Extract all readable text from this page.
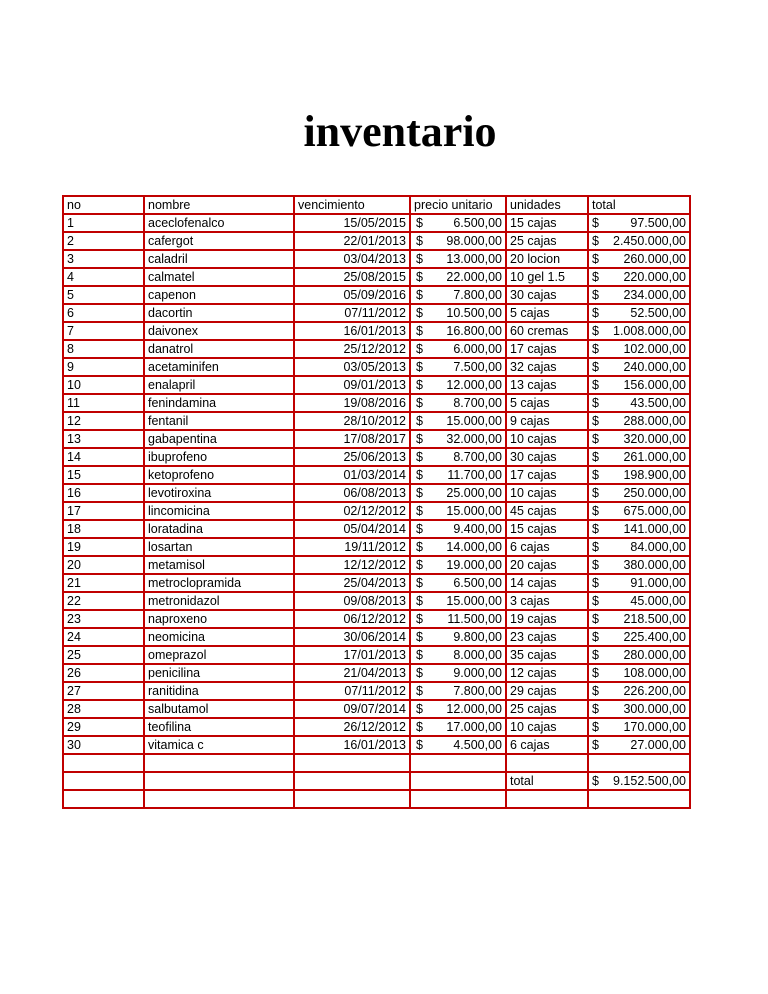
inventario
no	nombre	vencimiento	precio unitario	unidades	total
1	aceclofenalco	15/05/2015	$ 6.500,00	15 cajas	$ 97.500,00

2	cafergot	22/01/2013	$ 98.000,00	25 cajas	$ 2.450.000,00

3	caladril	03/04/2013	$ 13.000,00	20 locion	$ 260.000,00

4	calmatel	25/08/2015	$ 22.000,00	10 gel 1.5	$ 220.000,00

5	capenon	05/09/2016	$ 7.800,00	30 cajas	$ 234.000,00

6	dacortin	07/11/2012	$ 10.500,00	5 cajas	$ 52.500,00

7	daivonex	16/01/2013	$ 16.800,00	60 cremas	$ 1.008.000,00

8	danatrol	25/12/2012	$ 6.000,00	17 cajas	$ 102.000,00

9	acetaminifen	03/05/2013	$ 7.500,00	32 cajas	$ 240.000,00

10	enalapril	09/01/2013	$ 12.000,00	13 cajas	$ 156.000,00

11	fenindamina	19/08/2016	$ 8.700,00	5 cajas	$ 43.500,00

12	fentanil	28/10/2012	$ 15.000,00	9 cajas	$ 288.000,00

13	gabapentina	17/08/2017	$ 32.000,00	10 cajas	$ 320.000,00

14	ibuprofeno	25/06/2013	$ 8.700,00	30 cajas	$ 261.000,00

15	ketoprofeno	01/03/2014	$ 11.700,00	17 cajas	$ 198.900,00

16	levotiroxina	06/08/2013	$ 25.000,00	10 cajas	$ 250.000,00

17	lincomicina	02/12/2012	$ 15.000,00	45 cajas	$ 675.000,00

18	loratadina	05/04/2014	$ 9.400,00	15 cajas	$ 141.000,00

19	losartan	19/11/2012	$ 14.000,00	6 cajas	$ 84.000,00

20	metamisol	12/12/2012	$ 19.000,00	20 cajas	$ 380.000,00

21	metroclopramida	25/04/2013	$ 6.500,00	14 cajas	$ 91.000,00

22	metronidazol	09/08/2013	$ 15.000,00	3 cajas	$ 45.000,00

23	naproxeno	06/12/2012	$ 11.500,00	19 cajas	$ 218.500,00

24	neomicina	30/06/2014	$ 9.800,00	23 cajas	$ 225.400,00

25	omeprazol	17/01/2013	$ 8.000,00	35 cajas	$ 280.000,00

26	penicilina	21/04/2013	$ 9.000,00	12 cajas	$ 108.000,00

27	ranitidina	07/11/2012	$ 7.800,00	29 cajas	$ 226.200,00

28	salbutamol	09/07/2014	$ 12.000,00	25 cajas	$ 300.000,00

29	teofilina	26/12/2012	$ 17.000,00	10 cajas	$ 170.000,00

30	vitamica c	16/01/2013	$ 4.500,00	6 cajas	$ 27.000,00

				total	$ 9.152.500,00
